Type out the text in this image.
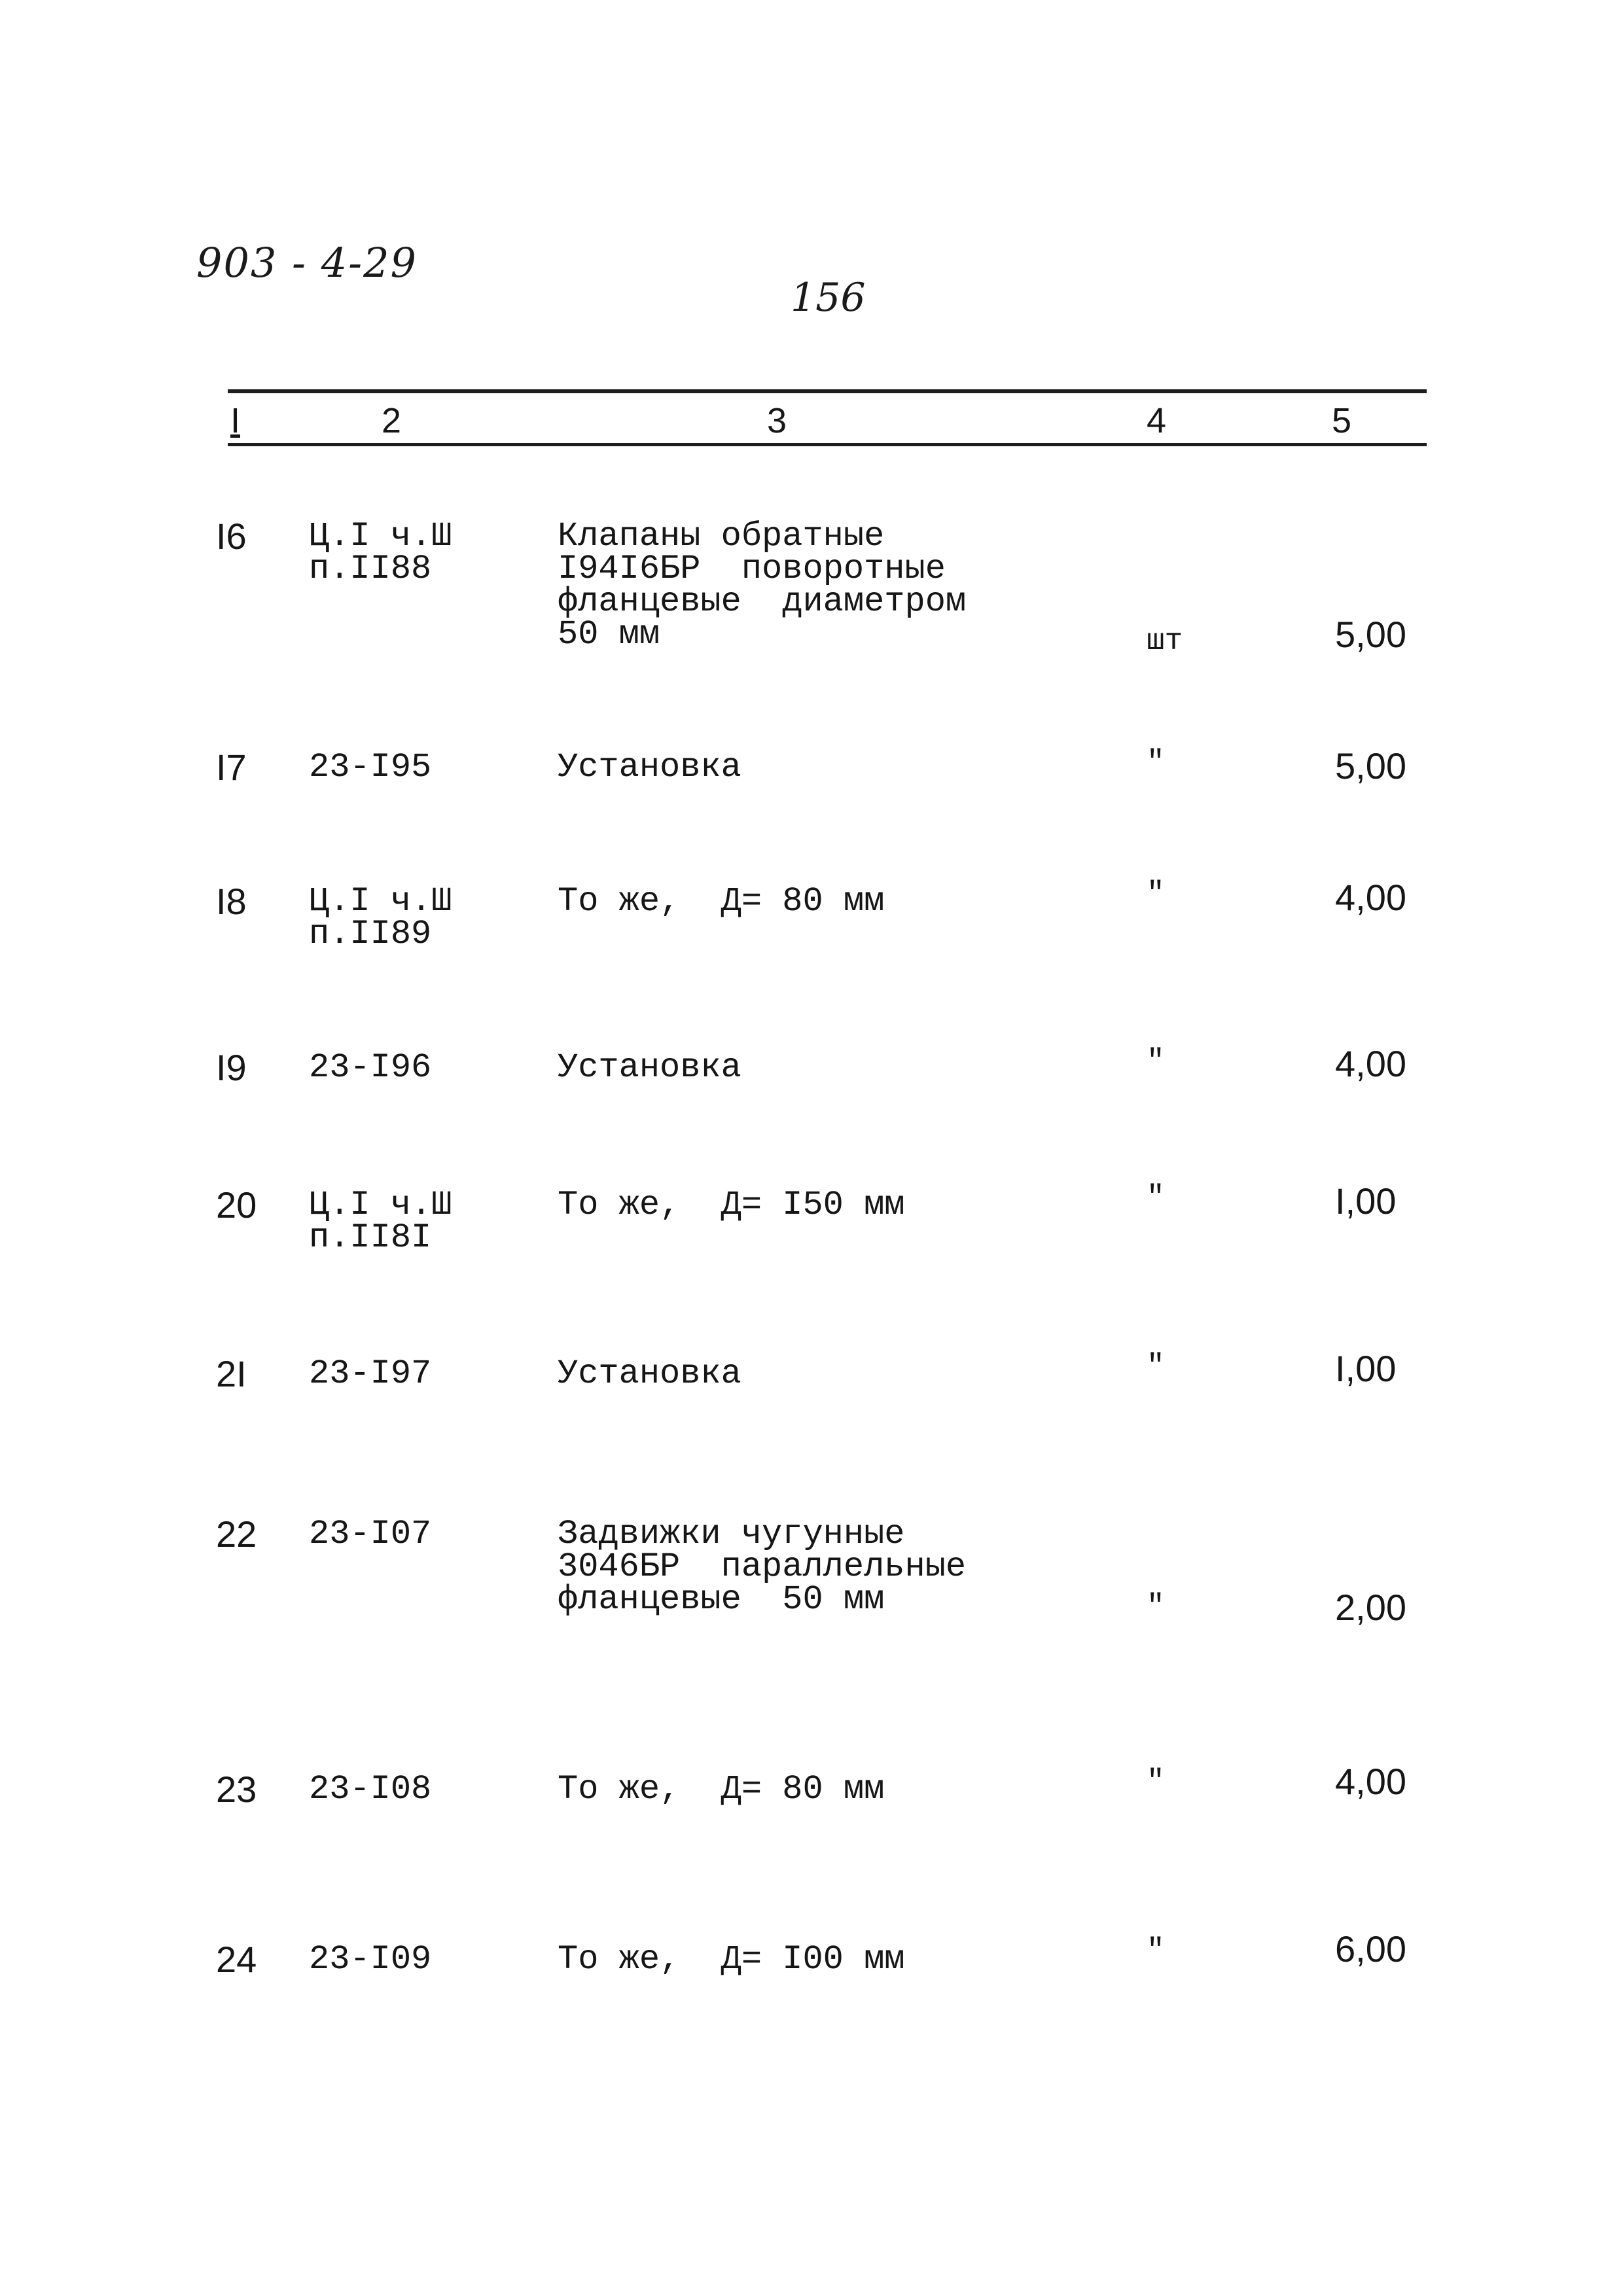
903 - 4-29
156
I	2	3	4	5
I6 Ц.I ч.Ш
п.II88
Клапаны обратные
I94I6БР  поворотные
фланцевые  диаметром
50 мм	шт	5,00
I7 23-I95	Установка	"	5,00
I8 Ц.I ч.Ш
п.II89
То же,  Д= 80 мм	"	4,00
I9 23-I96	Установка	"	4,00
20 Ц.I ч.Ш
п.II8I
То же,  Д= I50 мм	"	I,00
2I 23-I97	Установка	"	I,00
22 23-I07	Задвижки чугунные
3046БР  параллельные
фланцевые  50 мм	"	2,00
23 23-I08	То же,  Д= 80 мм	"	4,00
24 23-I09	То же,  Д= I00 мм	"	6,00
